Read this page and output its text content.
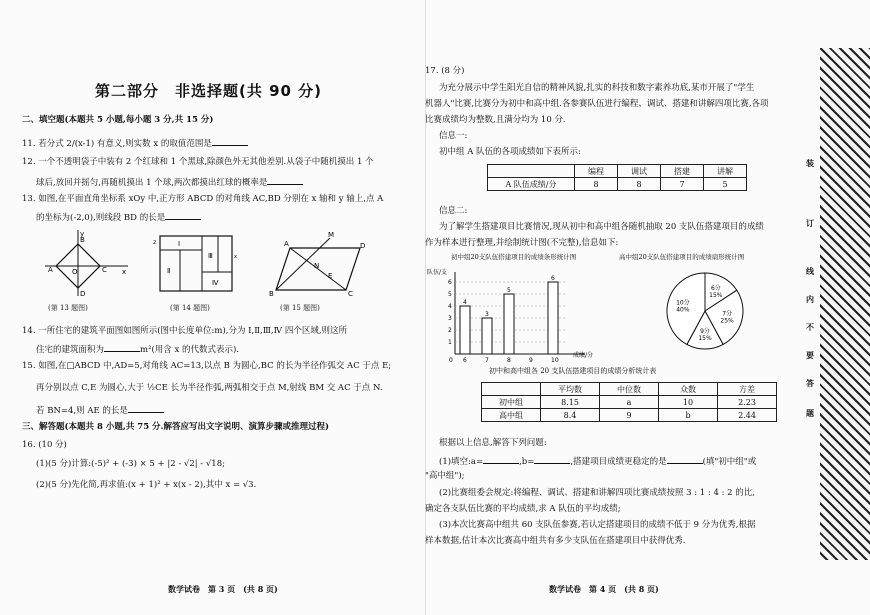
第二部分　非选择题(共 90 分)
二、填空题(本题共 5 小题,每小题 3 分,共 15 分)
11. 若分式 2/(x-1) 有意义,则实数 x 的取值范围是
12. 一个不透明袋子中装有 2 个红球和 1 个黑球,除颜色外无其他差别.从袋子中随机摸出 1 个
球后,放回并摇匀,再随机摸出 1 个球,两次都摸出红球的概率是
13. 如图,在平面直角坐标系 xOy 中,正方形 ABCD 的对角线 AC,BD 分别在 x 轴和 y 轴上,点 A
的坐标为(-2,0),则线段 BD 的长是
A	C
B
D
O	x
y
(第 13 题图)
Ⅰ
Ⅱ
Ⅲ
Ⅳ
2
x
(第 14 题图)
A	D
C
B
M
N
E
(第 15 题图)
14. 一所住宅的建筑平面图如图所示(图中长度单位:m),分为 Ⅰ,Ⅱ,Ⅲ,Ⅳ 四个区域,则这所
住宅的建筑面积为	m²(用含 x 的代数式表示).
15. 如图,在□ABCD 中,AD=5,对角线 AC=13,以点 B 为圆心,BC 的长为半径作弧交 AC 于点 E;
再分别以点 C,E 为圆心,大于 ½CE 长为半径作弧,两弧相交于点 M,射线 BM 交 AC 于点 N.
若 BN=4,则 AE 的长是
三、解答题(本题共 8 小题,共 75 分.解答应写出文字说明、演算步骤或推理过程)
16. (10 分)
(1)(5 分)计算:(-5)² + (-3) × 5 + |2 - √2| - √18;
(2)(5 分)先化简,再求值:(x + 1)² + x(x - 2),其中 x = √3.
数学试卷　第 3 页　(共 8 页)
17. (8 分)
为充分展示中学生阳光自信的精神风貌,扎实的科技和数字素养功底,某市开展了"学生
机器人"比赛,比赛分为初中和高中组.各参赛队伍进行编程、调试、搭建和讲解四项比赛,各项
比赛成绩均为整数,且满分均为 10 分.
信息一:
初中组 A 队伍的各项成绩如下表所示:
	编程	调试	搭建	讲解
A 队伍成绩/分	8	8	7	5
信息二:
为了解学生搭建项目比赛情况,现从初中和高中组各随机抽取 20 支队伍搭建项目的成绩
作为样本进行整理,并绘制统计图(不完整),信息如下:
初中组20支队伍搭建项目的成绩条形统计图	高中组20支队伍搭建项目的成绩扇形统计图
队伍/支
成绩/分
0
1
2
3
4
5
6
6
4
7
3
8
5
9	10
6
6分
15%
7分
25%
9分
15%
10分
40%
初中和高中组各 20 支队伍搭建项目的成绩分析统计表
	平均数	中位数	众数	方差
初中组	8.15	a	10	2.23
高中组	8.4	9	b	2.44
根据以上信息,解答下列问题:
(1)填空:a=	,b=	,搭建项目成绩更稳定的是	(填"初中组"或
"高中组");
(2)比赛组委会规定:将编程、调试、搭建和讲解四项比赛成绩按照 3 : 1 : 4 : 2 的比,
确定各支队伍比赛的平均成绩,求 A 队伍的平均成绩;
(3)本次比赛高中组共 60 支队伍参赛,若认定搭建项目的成绩不低于 9 分为优秀,根据
样本数据,估计本次比赛高中组共有多少支队伍在搭建项目中获得优秀.
数学试卷　第 4 页　(共 8 页)
装
订
线
内
不
要
答
题
